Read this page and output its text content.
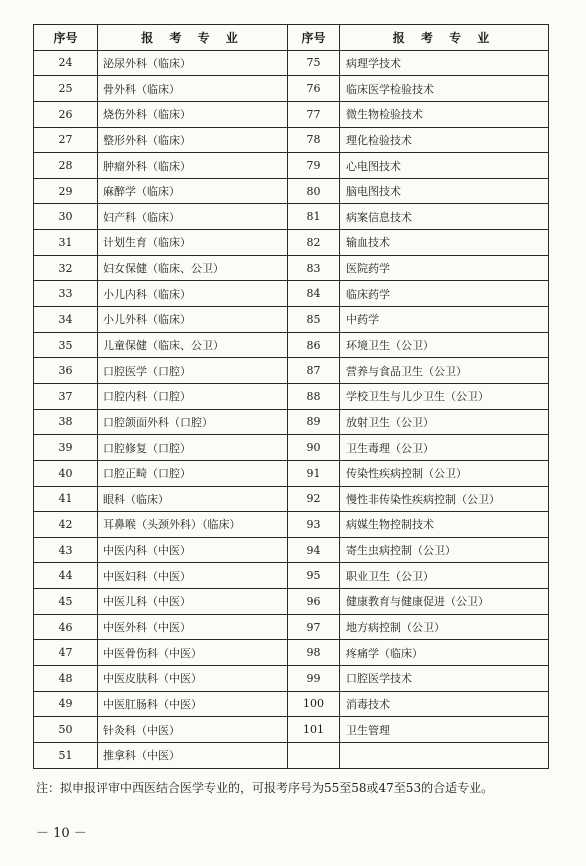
序号	报 考 专 业	序号	报 考 专 业
24	泌尿外科（临床）	75	病理学技术
25	骨外科（临床）	76	临床医学检验技术
26	烧伤外科（临床）	77	微生物检验技术
27	整形外科（临床）	78	理化检验技术
28	肿瘤外科（临床）	79	心电图技术
29	麻醉学（临床）	80	脑电图技术
30	妇产科（临床）	81	病案信息技术
31	计划生育（临床）	82	输血技术
32	妇女保健（临床、公卫）	83	医院药学
33	小儿内科（临床）	84	临床药学
34	小儿外科（临床）	85	中药学
35	儿童保健（临床、公卫）	86	环境卫生（公卫）
36	口腔医学（口腔）	87	营养与食品卫生（公卫）
37	口腔内科（口腔）	88	学校卫生与儿少卫生（公卫）
38	口腔颌面外科（口腔）	89	放射卫生（公卫）
39	口腔修复（口腔）	90	卫生毒理（公卫）
40	口腔正畸（口腔）	91	传染性疾病控制（公卫）
41	眼科（临床）	92	慢性非传染性疾病控制（公卫）
42	耳鼻喉（头颈外科）（临床）	93	病媒生物控制技术
43	中医内科（中医）	94	寄生虫病控制（公卫）
44	中医妇科（中医）	95	职业卫生（公卫）
45	中医儿科（中医）	96	健康教育与健康促进（公卫）
46	中医外科（中医）	97	地方病控制（公卫）
47	中医骨伤科（中医）	98	疼痛学（临床）
48	中医皮肤科（中医）	99	口腔医学技术
49	中医肛肠科（中医）	100	消毒技术
50	针灸科（中医）	101	卫生管理
51	推拿科（中医）		
注：拟申报评审中西医结合医学专业的，可报考序号为55至58或47至53的合适专业。
－ 10 －
